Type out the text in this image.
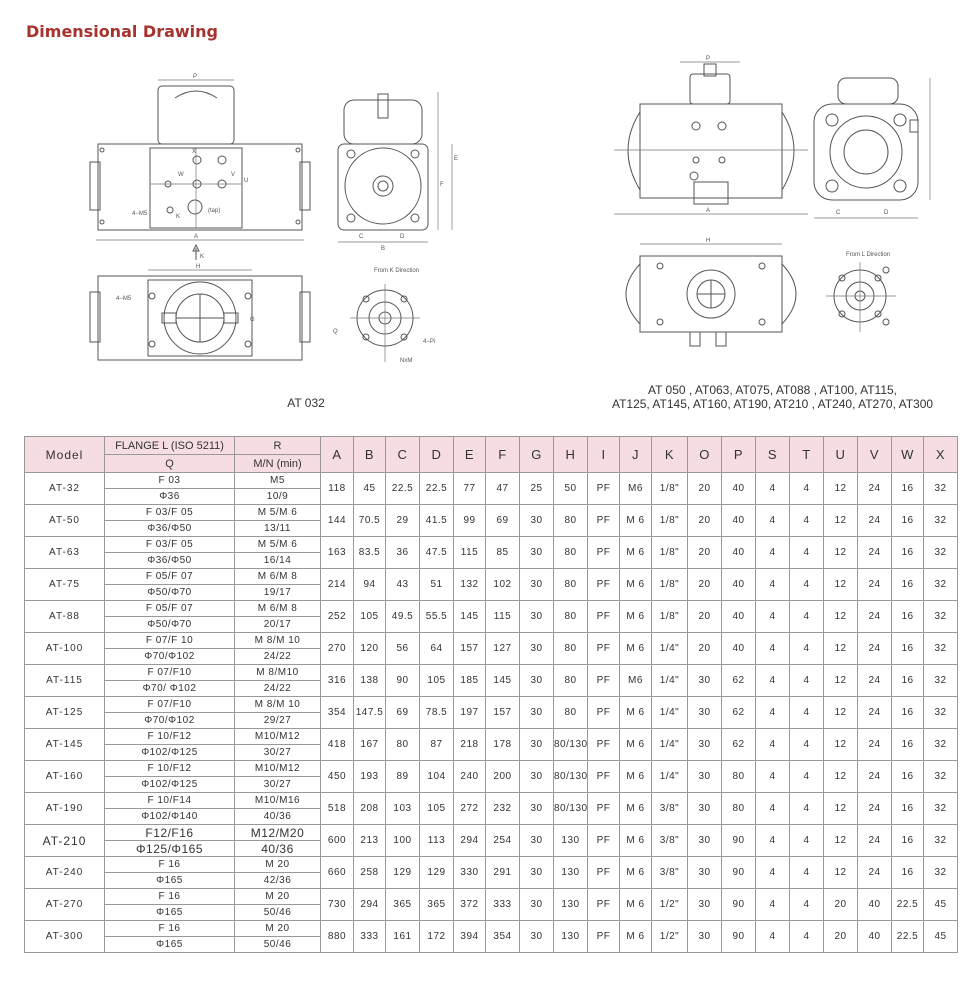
Dimensional Drawing
P
W
X
V
U
4−M5	K
(tap)
A
K
F
E
C	D
B
H
4−M5
G
From K Direction
Q
NxM
4−Pi
P
A	C	D
H
From L Direction
AT 032
AT 050 , AT063, AT075, AT088 , AT100, AT115,
AT125, AT145, AT160, AT190, AT210 , AT240, AT270, AT300
Model	FLANGE L (ISO 5211)	R	A	B	C	D	E	F	G	H	I	J	K	O	P	S	T	U	V	W	X
	Q	M/N (min)																			
AT-32	F 03	M5	118	45	22.5	22.5	77	47	25	50	PF	M6	1/8"	20	40	4	4	12	24	16	32
	Φ36	10/9																			
AT-50	F 03/F 05	M 5/M 6	144	70.5	29	41.5	99	69	30	80	PF	M 6	1/8"	20	40	4	4	12	24	16	32
	Φ36/Φ50	13/11																			
AT-63	F 03/F 05	M 5/M 6	163	83.5	36	47.5	115	85	30	80	PF	M 6	1/8"	20	40	4	4	12	24	16	32
	Φ36/Φ50	16/14																			
AT-75	F 05/F 07	M 6/M 8	214	94	43	51	132	102	30	80	PF	M 6	1/8"	20	40	4	4	12	24	16	32
	Φ50/Φ70	19/17																			
AT-88	F 05/F 07	M 6/M 8	252	105	49.5	55.5	145	115	30	80	PF	M 6	1/8"	20	40	4	4	12	24	16	32
	Φ50/Φ70	20/17																			
AT-100	F 07/F 10	M 8/M 10	270	120	56	64	157	127	30	80	PF	M 6	1/4"	20	40	4	4	12	24	16	32
	Φ70/Φ102	24/22																			
AT-115	F 07/F10	M 8/M10	316	138	90	105	185	145	30	80	PF	M6	1/4"	30	62	4	4	12	24	16	32
	Φ70/ Φ102	24/22																			
AT-125	F 07/F10	M 8/M 10	354	147.5	69	78.5	197	157	30	80	PF	M 6	1/4"	30	62	4	4	12	24	16	32
	Φ70/Φ102	29/27																			
AT-145	F 10/F12	M10/M12	418	167	80	87	218	178	30	80/130	PF	M 6	1/4"	30	62	4	4	12	24	16	32
	Φ102/Φ125	30/27																			
AT-160	F 10/F12	M10/M12	450	193	89	104	240	200	30	80/130	PF	M 6	1/4"	30	80	4	4	12	24	16	32
	Φ102/Φ125	30/27																			
AT-190	F 10/F14	M10/M16	518	208	103	105	272	232	30	80/130	PF	M 6	3/8"	30	80	4	4	12	24	16	32
	Φ102/Φ140	40/36																			
AT-210	F12/F16	M12/M20	600	213	100	113	294	254	30	130	PF	M 6	3/8"	30	90	4	4	12	24	16	32
	Φ125/Φ165	40/36																			
AT-240	F 16	M 20	660	258	129	129	330	291	30	130	PF	M 6	3/8"	30	90	4	4	12	24	16	32
	Φ165	42/36																			
AT-270	F 16	M 20	730	294	365	365	372	333	30	130	PF	M 6	1/2"	30	90	4	4	20	40	22.5	45
	Φ165	50/46																			
AT-300	F 16	M 20	880	333	161	172	394	354	30	130	PF	M 6	1/2"	30	90	4	4	20	40	22.5	45
	Φ165	50/46																			
